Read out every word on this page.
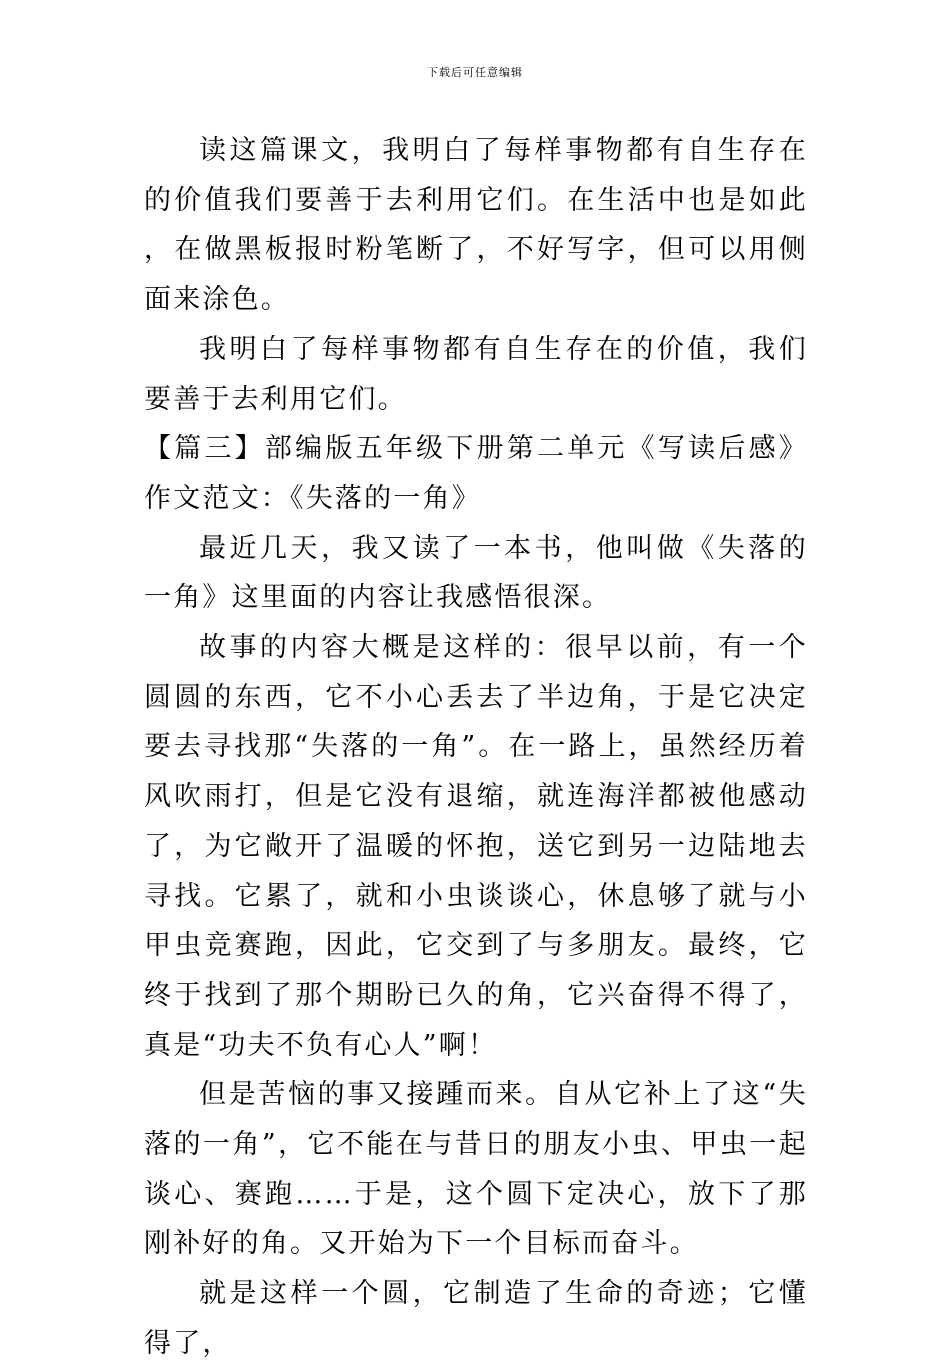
下载后可任意编辑

读这篇课文，我明白了每样事物都有自生存在的价值我们要善于去利用它们。在生活中也是如此，在做黑板报时粉笔断了，不好写字，但可以用侧面来涂色。

我明白了每样事物都有自生存在的价值，我们要善于去利用它们。

【篇三】部编版五年级下册第二单元《写读后感》作文范文：《失落的一角》

最近几天，我又读了一本书，他叫做《失落的一角》这里面的内容让我感悟很深。

故事的内容大概是这样的：很早以前，有一个圆圆的东西，它不小心丢去了半边角，于是它决定要去寻找那“失落的一角”。在一路上，虽然经历着风吹雨打，但是它没有退缩，就连海洋都被他感动了，为它敞开了温暖的怀抱，送它到另一边陆地去寻找。它累了，就和小虫谈谈心，休息够了就与小甲虫竞赛跑，因此，它交到了与多朋友。最终，它终于找到了那个期盼已久的角，它兴奋得不得了，真是“功夫不负有心人”啊！

但是苦恼的事又接踵而来。自从它补上了这“失落的一角”，它不能在与昔日的朋友小虫、甲虫一起谈心、赛跑……于是，这个圆下定决心，放下了那刚补好的角。又开始为下一个目标而奋斗。

就是这样一个圆，它制造了生命的奇迹；它懂得了，
